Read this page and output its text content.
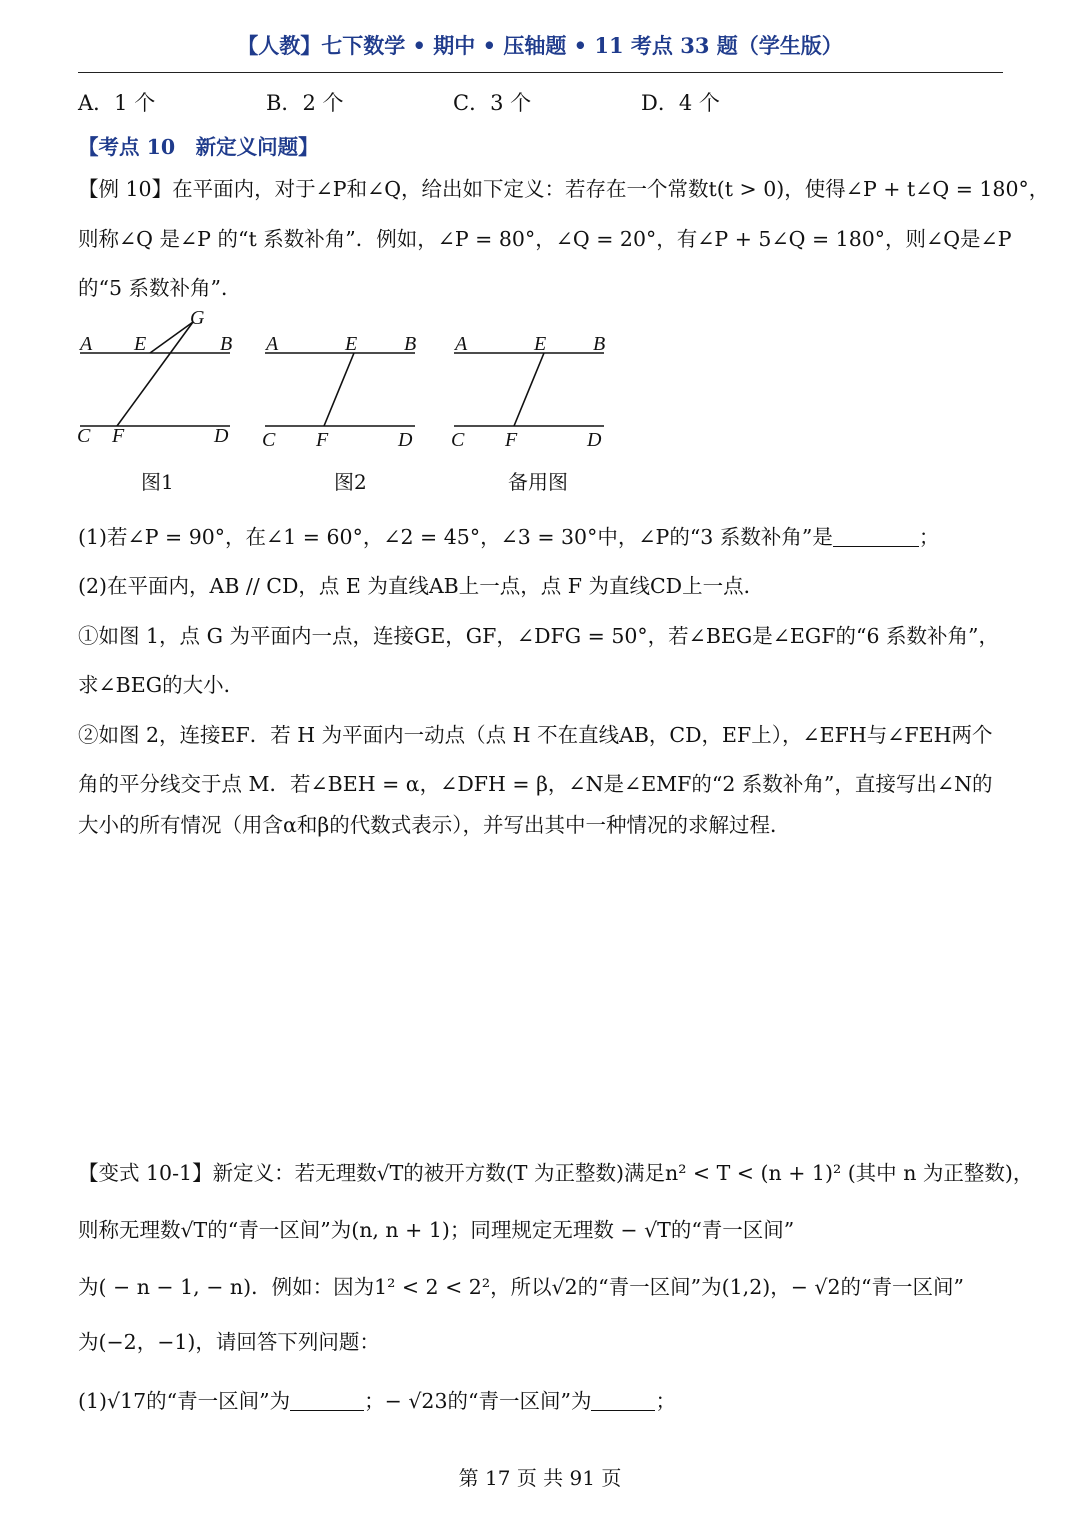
【人教】七下数学 • 期中 • 压轴题 • 11 考点 33 题（学生版）
A．1 个	B．2 个	C．3 个	D．4 个
【考点 10　新定义问题】
【例 10】在平面内，对于∠P和∠Q，给出如下定义：若存在一个常数t(t > 0)，使得∠P + t∠Q = 180°，
则称∠Q 是∠P 的“t 系数补角”．例如，∠P = 80°，∠Q = 20°，有∠P + 5∠Q = 180°，则∠Q是∠P
的“5 系数补角”．
A E
G
B
C F	D
图1
A	E B
C F	D
图2
A	E B
C F	D
备用图
(1)若∠P = 90°，在∠1 = 60°，∠2 = 45°，∠3 = 30°中，∠P的“3 系数补角”是	；
(2)在平面内，AB // CD，点 E 为直线AB上一点，点 F 为直线CD上一点．
①如图 1，点 G 为平面内一点，连接GE，GF，∠DFG = 50°，若∠BEG是∠EGF的“6 系数补角”，
求∠BEG的大小．
②如图 2，连接EF．若 H 为平面内一动点（点 H 不在直线AB，CD，EF上），∠EFH与∠FEH两个
角的平分线交于点 M．若∠BEH = α，∠DFH = β，∠N是∠EMF的“2 系数补角”，直接写出∠N的
大小的所有情况（用含α和β的代数式表示），并写出其中一种情况的求解过程．
【变式 10-1】新定义：若无理数√T的被开方数(T 为正整数)满足n² < T < (n + 1)² (其中 n 为正整数)，
则称无理数√T的“青一区间”为(n, n + 1)；同理规定无理数 − √T的“青一区间”
为( − n − 1, − n)．例如：因为1² < 2 < 2²，所以√2的“青一区间”为(1,2)，− √2的“青一区间”
为(−2，−1)，请回答下列问题：
(1)√17的“青一区间”为	；− √23的“青一区间”为	；
第 17 页 共 91 页
